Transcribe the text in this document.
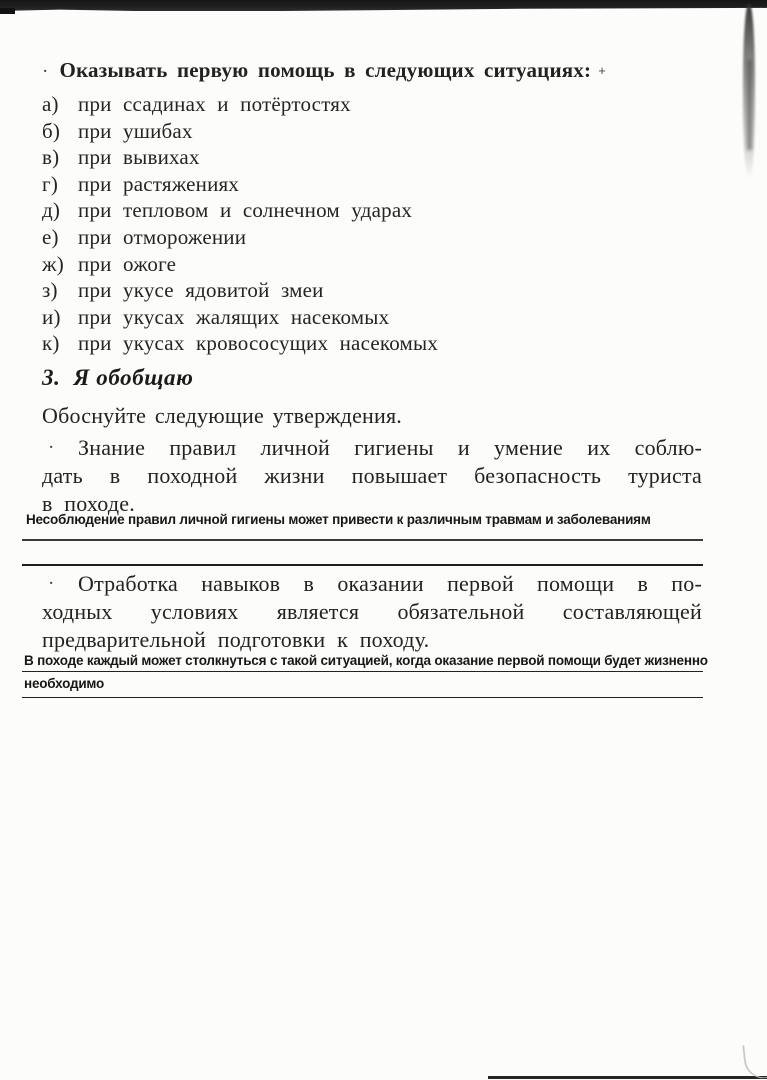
· Оказывать первую помощь в следующих ситуациях: +
а) при ссадинах и потёртостях
б) при ушибах
в) при вывихах
г) при растяжениях
д) при тепловом и солнечном ударах
е) при отморожении
ж) при ожоге
з) при укусе ядовитой змеи
и) при укусах жалящих насекомых
к) при укусах кровососущих насекомых
3. Я обобщаю

Обоснуйте следующие утверждения.

· Знание правил личной гигиены и умение их соблю-
дать в походной жизни повышает безопасность туриста
в походе.
Несоблюдение правил личной гигиены может привести к различным травмам и заболеваниям
· Отработка навыков в оказании первой помощи в по-
ходных условиях является обязательной составляющей
предварительной подготовки к походу.
В походе каждый может столкнуться с такой ситуацией, когда оказание первой помощи будет жизненно
необходимо
